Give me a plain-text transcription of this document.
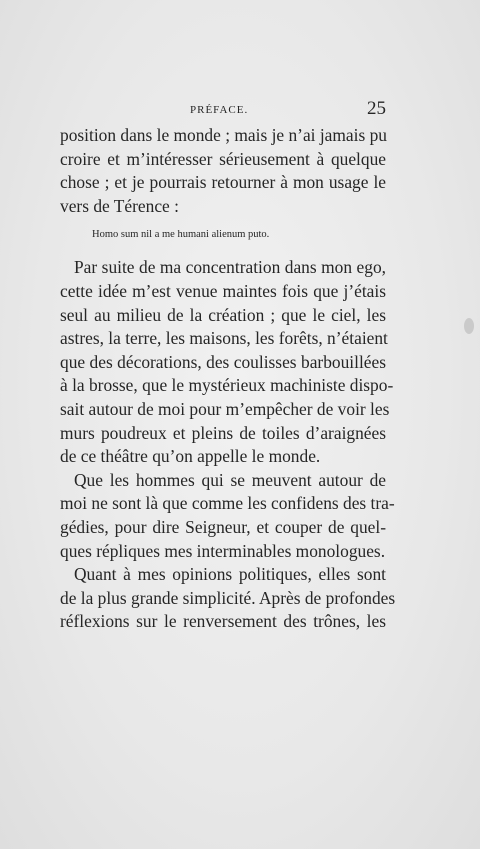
PRÉFACE.	25
position dans le monde ; mais je n’ai jamais pu
croire et m’intéresser sérieusement à quelque
chose ; et je pourrais retourner à mon usage le
vers de Térence :
Homo sum nil a me humani alienum puto.
Par suite de ma concentration dans mon ego,
cette idée m’est venue maintes fois que j’étais
seul au milieu de la création ; que le ciel, les
astres, la terre, les maisons, les forêts, n’étaient
que des décorations, des coulisses barbouillées
à la brosse, que le mystérieux machiniste dispo-
sait autour de moi pour m’empêcher de voir les
murs poudreux et pleins de toiles d’araignées
de ce théâtre qu’on appelle le monde.
Que les hommes qui se meuvent autour de
moi ne sont là que comme les confidens des tra-
gédies, pour dire Seigneur, et couper de quel-
ques répliques mes interminables monologues.
Quant à mes opinions politiques, elles sont
de la plus grande simplicité. Après de profondes
réflexions sur le renversement des trônes, les
